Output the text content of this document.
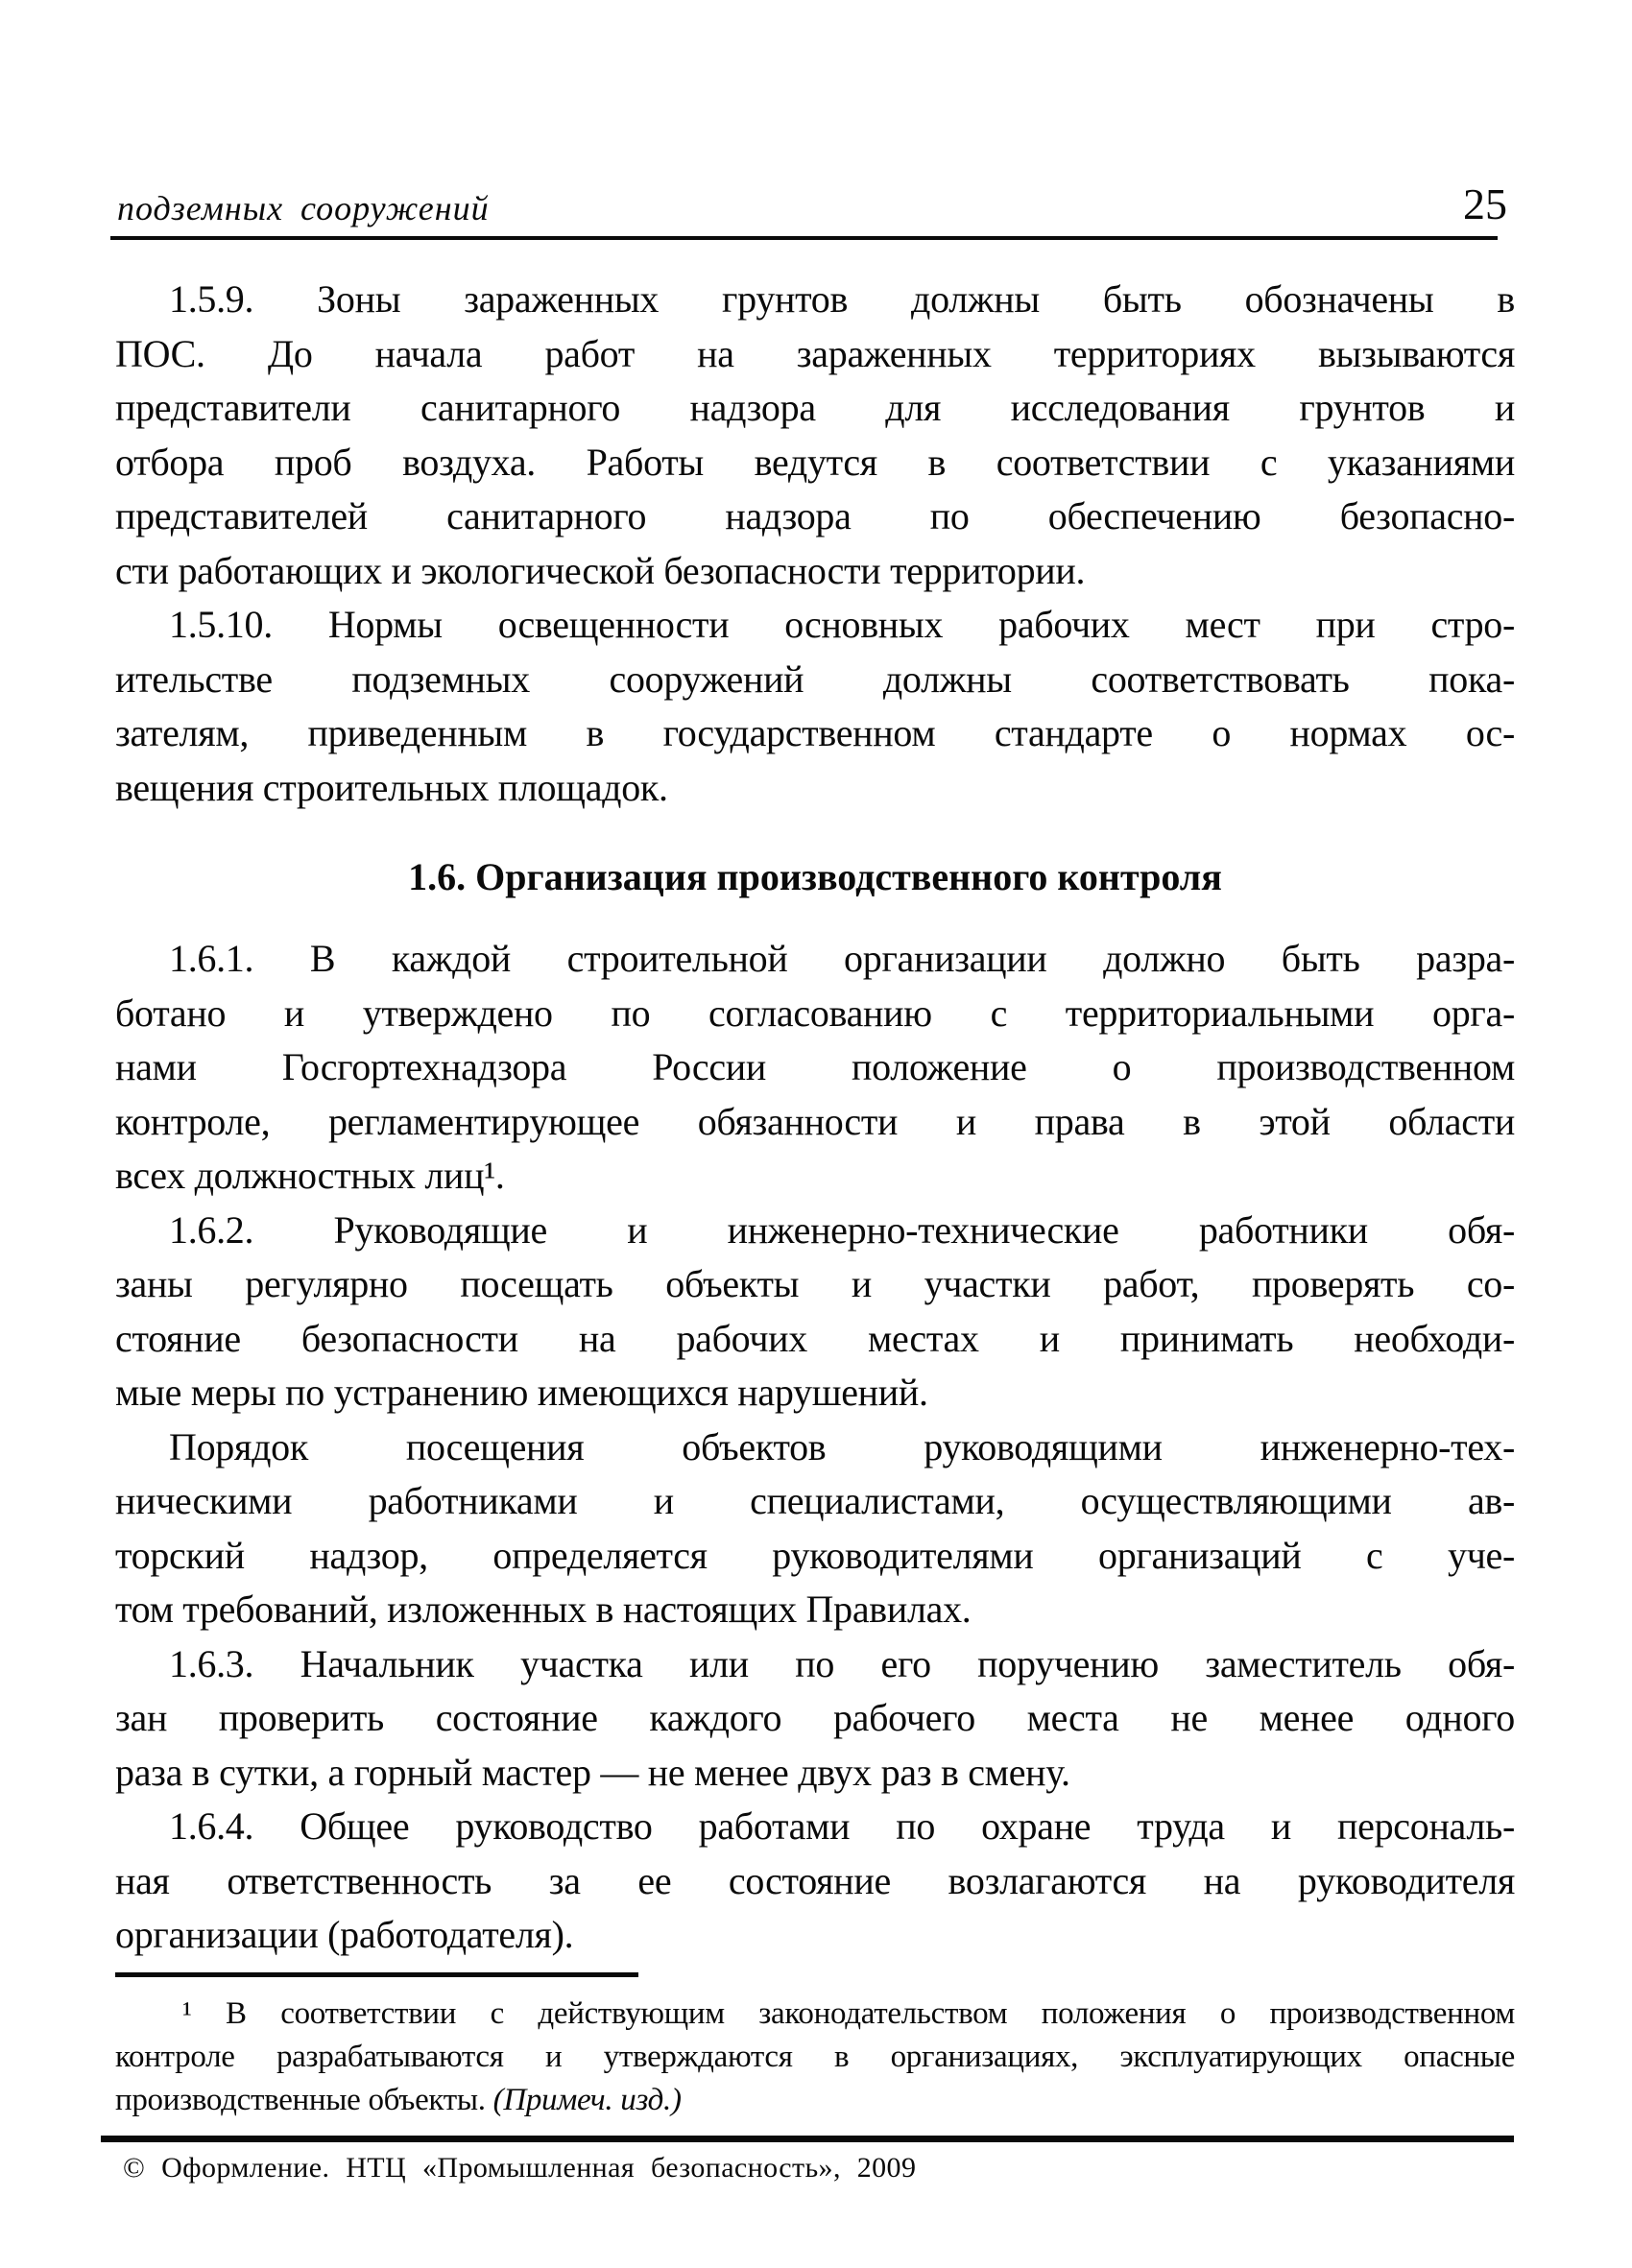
подземных сооружений	25
1.5.9. Зоны зараженных грунтов должны быть обозначены в
ПОС. До начала работ на зараженных территориях вызываются
представители санитарного надзора для исследования грунтов и
отбора проб воздуха. Работы ведутся в соответствии с указаниями
представителей санитарного надзора по обеспечению безопасно-
сти работающих и экологической безопасности территории.
1.5.10. Нормы освещенности основных рабочих мест при стро-
ительстве подземных сооружений должны соответствовать пока-
зателям, приведенным в государственном стандарте о нормах ос-
вещения строительных площадок.
1.6. Организация производственного контроля
1.6.1. В каждой строительной организации должно быть разра-
ботано и утверждено по согласованию с территориальными орга-
нами Госгортехнадзора России положение о производственном
контроле, регламентирующее обязанности и права в этой области
всех должностных лиц¹.
1.6.2. Руководящие и инженерно-технические работники обя-
заны регулярно посещать объекты и участки работ, проверять со-
стояние безопасности на рабочих местах и принимать необходи-
мые меры по устранению имеющихся нарушений.
Порядок посещения объектов руководящими инженерно-тех-
ническими работниками и специалистами, осуществляющими ав-
торский надзор, определяется руководителями организаций с уче-
том требований, изложенных в настоящих Правилах.
1.6.3. Начальник участка или по его поручению заместитель обя-
зан проверить состояние каждого рабочего места не менее одного
раза в сутки, а горный мастер — не менее двух раз в смену.
1.6.4. Общее руководство работами по охране труда и персональ-
ная ответственность за ее состояние возлагаются на руководителя
организации (работодателя).
¹ В соответствии с действующим законодательством положения о производственном
контроле разрабатываются и утверждаются в организациях, эксплуатирующих опасные
производственные объекты. (Примеч. изд.)
© Оформление. НТЦ «Промышленная безопасность», 2009
